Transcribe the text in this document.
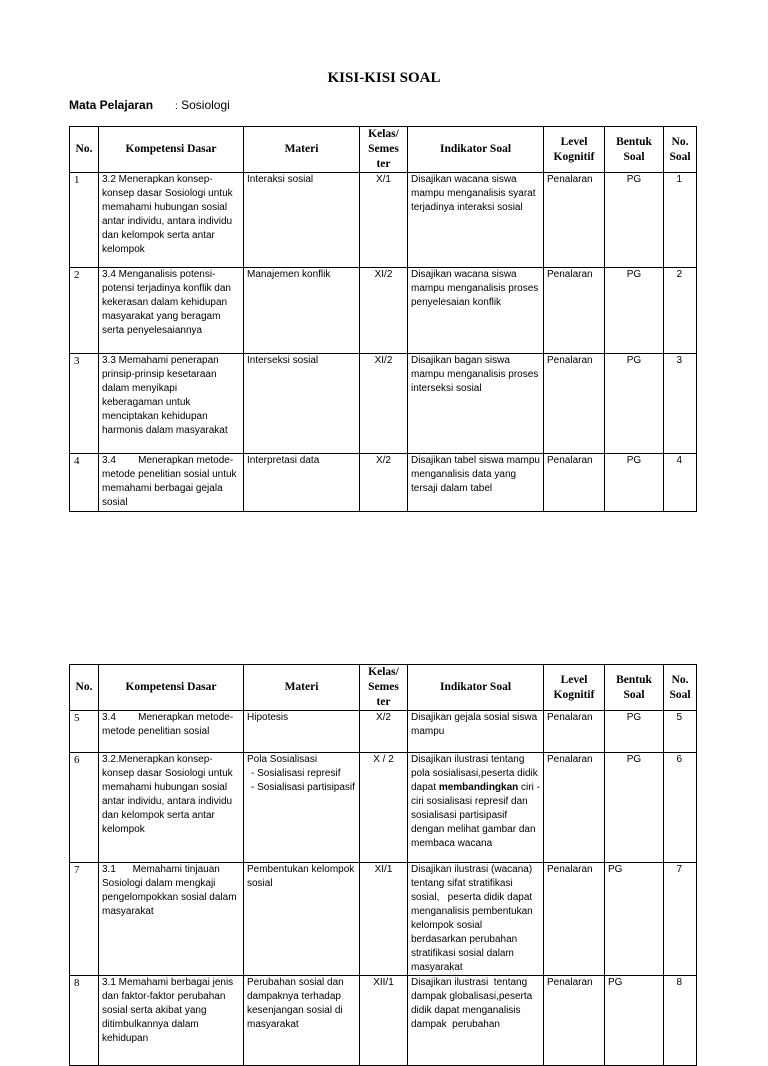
KISI-KISI SOAL
Mata Pelajaran : Sosiologi
No.	Kompetensi Dasar	Materi	Kelas/
Semes
ter	Indikator Soal	Level
Kognitif	Bentuk
Soal	No.
Soal
1	3.2 Menerapkan konsep-konsep dasar Sosiologi untuk memahami hubungan sosial antar individu, antara individu dan kelompok serta antar kelompok	Interaksi sosial	X/1	Disajikan wacana siswa mampu menganalisis syarat terjadinya interaksi sosial	Penalaran	PG	1
2	3.4 Menganalisis potensi-potensi terjadinya konflik dan kekerasan dalam kehidupan masyarakat yang beragam serta penyelesaiannya	Manajemen konflik	XI/2	Disajikan wacana siswa mampu menganalisis proses penyelesaian konflik	Penalaran	PG	2
3	3.3 Memahami penerapan prinsip-prinsip kesetaraan dalam menyikapi keberagaman untuk menciptakan kehidupan harmonis dalam masyarakat	Interseksi sosial	XI/2	Disajikan bagan siswa mampu menganalisis proses interseksi sosial	Penalaran	PG	3
4	3.4        Menerapkan metode-metode penelitian sosial untuk memahami berbagai gejala sosial	Interpretasi data	X/2	Disajikan tabel siswa mampu menganalisis data yang tersaji dalam tabel	Penalaran	PG	4
No.	Kompetensi Dasar	Materi	Kelas/
Semes
ter	Indikator Soal	Level
Kognitif	Bentuk
Soal	No.
Soal
5	3.4        Menerapkan metode-metode penelitian sosial	Hipotesis	X/2	Disajikan gejala sosial siswa mampu	Penalaran	PG	5
6	3.2.Menerapkan konsep-konsep dasar Sosiologi untuk memahami hubungan sosial antar individu, antara individu dan kelompok serta antar kelompok	Pola Sosialisasi
- Sosialisasi represif
- Sosialisasi partisipasif	X / 2	Disajikan ilustrasi tentang pola sosialisasi,peserta didik dapat membandingkan ciri -ciri sosialisasi represif dan sosialisasi partisipasif dengan melihat gambar dan membaca wacana	Penalaran	PG	6
7	3.1      Memahami tinjauan Sosiologi dalam mengkaji pengelompokkan sosial dalam masyarakat	Pembentukan kelompok sosial	XI/1	Disajikan ilustrasi (wacana) tentang sifat stratifikasi sosial,   peserta didik dapat menganalisis pembentukan kelompok sosial berdasarkan perubahan stratifikasi sosial dalam masyarakat	Penalaran	PG	7
8	3.1 Memahami berbagai jenis dan faktor-faktor perubahan sosial serta akibat yang ditimbulkannya dalam kehidupan	Perubahan sosial dan dampaknya terhadap kesenjangan sosial di masyarakat	XII/1	Disajikan ilustrasi  tentang dampak globalisasi,peserta  didik dapat menganalisis dampak  perubahan	Penalaran	PG	8
